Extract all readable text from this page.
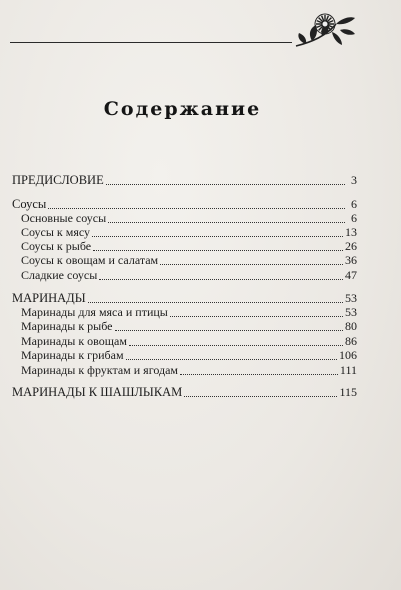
Содержание
ПРЕДИСЛОВИЕ	3
Соусы	6
Основные соусы	6
Соусы к мясу	13
Соусы к рыбе	26
Соусы к овощам и салатам	36
Сладкие соусы	47
МАРИНАДЫ	53
Маринады для мяса и птицы	53
Маринады к рыбе	80
Маринады к овощам	86
Маринады к грибам	106
Маринады к фруктам и ягодам	111
МАРИНАДЫ К ШАШЛЫКАМ	115
